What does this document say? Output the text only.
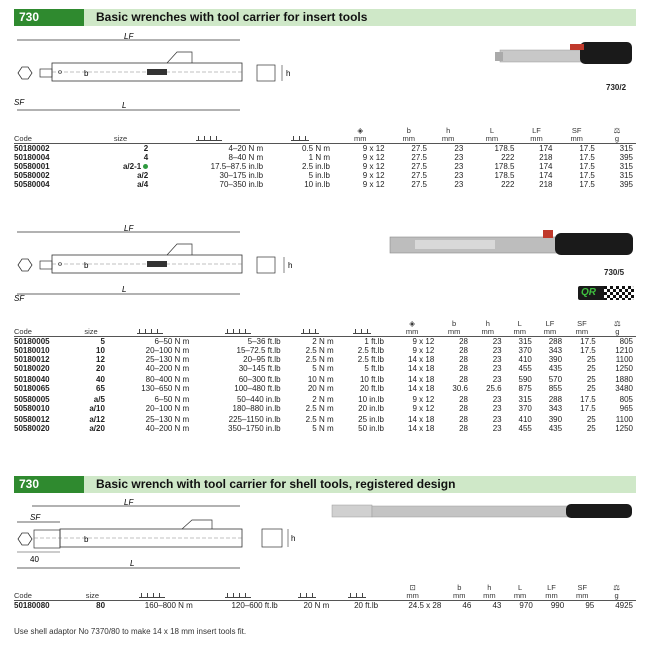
730	Basic wrenches with tool carrier for insert tools
LF
b
L
SF
h
730/2
				◈	b	h	L	LF	SF	⚖
Code	size			mm	mm	mm	mm	mm	mm	g
50180002	2	4–20 N m	0.5 N m	9 x 12	27.5	23	178.5	174	17.5	315
50180004	4	8–40 N m	1 N m	9 x 12	27.5	23	222	218	17.5	395
50580001	a/2-1	17.5–87.5 in.lb	2.5 in.lb	9 x 12	27.5	23	178.5	174	17.5	315
50580002	a/2	30–175 in.lb	5 in.lb	9 x 12	27.5	23	178.5	174	17.5	315
50580004	a/4	70–350 in.lb	10 in.lb	9 x 12	27.5	23	222	218	17.5	395
LF
b
L
SF
h
730/5
QR
						◈	b	h	L	LF	SF	⚖
Code	size					mm	mm	mm	mm	mm	mm	g
50180005	5	6–50 N m	5–36 ft.lb	2 N m	1 ft.lb	9 x 12	28	23	315	288	17.5	805
50180010	10	20–100 N m	15–72.5 ft.lb	2.5 N m	2.5 ft.lb	9 x 12	28	23	370	343	17.5	1210
50180012	12	25–130 N m	20–95 ft.lb	2.5 N m	2.5 ft.lb	14 x 18	28	23	410	390	25	1100
50180020	20	40–200 N m	30–145 ft.lb	5 N m	5 ft.lb	14 x 18	28	23	455	435	25	1250
50180040	40	80–400 N m	60–300 ft.lb	10 N m	10 ft.lb	14 x 18	28	23	590	570	25	1880
50180065	65	130–650 N m	100–480 ft.lb	20 N m	20 ft.lb	14 x 18	30.6	25.6	875	855	25	3480
50580005	a/5	6–50 N m	50–440 in.lb	2 N m	10 in.lb	9 x 12	28	23	315	288	17.5	805
50580010	a/10	20–100 N m	180–880 in.lb	2.5 N m	20 in.lb	9 x 12	28	23	370	343	17.5	965
50580012	a/12	25–130 N m	225–1150 in.lb	2.5 N m	25 in.lb	14 x 18	28	23	410	390	25	1100
50580020	a/20	40–200 N m	350–1750 in.lb	5 N m	50 in.lb	14 x 18	28	23	455	435	25	1250
730	Basic wrench with tool carrier for shell tools, registered design
LF
SF
b
40	L
h
						⊡	b	h	L	LF	SF	⚖
Code	size					mm	mm	mm	mm	mm	mm	g
50180080	80	160–800 N m	120–600 ft.lb	20 N m	20 ft.lb	24.5 x 28	46	43	970	990	95	4925
Use shell adaptor No 7370/80 to make 14 x 18 mm insert tools fit.
